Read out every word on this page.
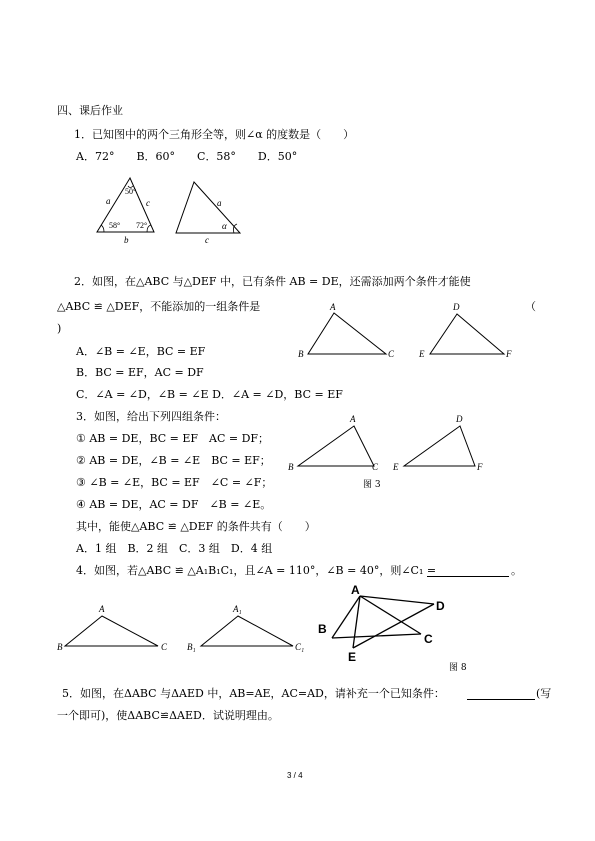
四、课后作业
1．已知图中的两个三角形全等，则∠α 的度数是（　　）
A．72°　　B．60°　　C．58°　　D．50°
50°
a	c
58° 72°
b
a
α
c
2．如图，在△ABC 与△DEF 中，已有条件 AB = DE，还需添加两个条件才能使
△ABC ≌ △DEF，不能添加的一组条件是	（
)
A．∠B = ∠E，BC = EF
B．BC = EF，AC = DF
C．∠A = ∠D，∠B = ∠E D．∠A = ∠D，BC = EF
A
B	C
D
E	F
3．如图，给出下列四组条件：
① AB = DE，BC = EF　AC = DF；
② AB = DE，∠B = ∠E　BC = EF；
③ ∠B = ∠E，BC = EF　∠C = ∠F；
④ AB = DE，AC = DF　∠B = ∠E。
其中，能使△ABC ≌ △DEF 的条件共有（　　）
A．1 组　B．2 组　C．3 组　D．4 组
A
B	C
D
E	F
图 3
4．如图，若△ABC ≌ △A₁B₁C₁，且∠A = 110°，∠B = 40°，则∠C₁ =	。
A
B	C
A₁
B₁	C₁
A
D
B
C
E
图 8
5．如图，在ΔABC 与ΔAED 中，AB=AE，AC=AD，请补充一个已知条件：	(写
一个即可)，使ΔABC≌ΔAED．试说明理由。
3 / 4
